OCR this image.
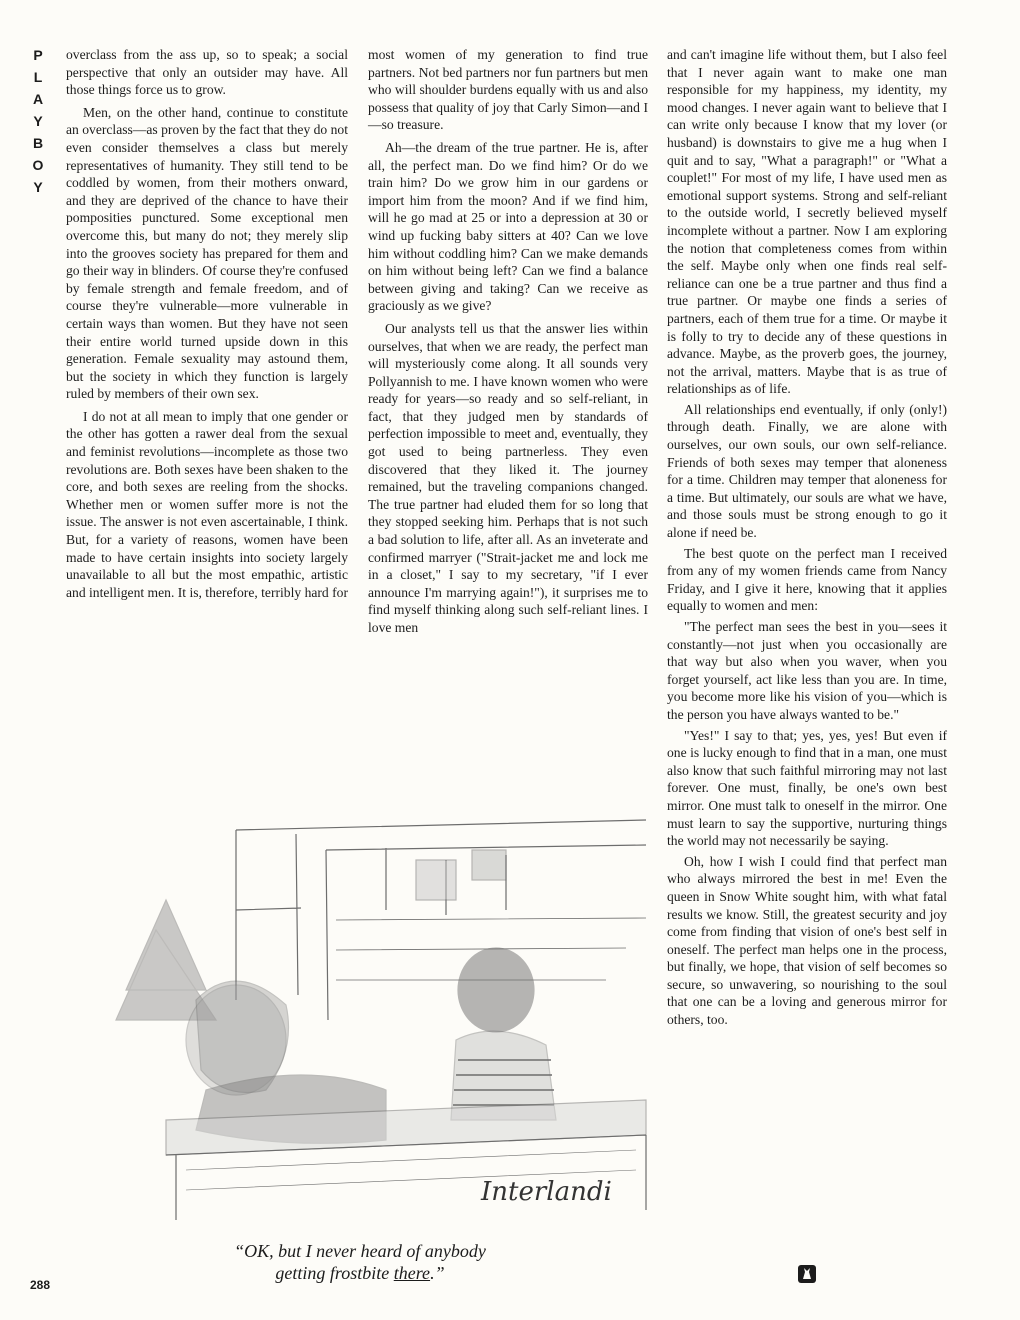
P
L
A
Y
B
O
Y

overclass from the ass up, so to speak; a social perspective that only an outsider may have. All those things force us to grow.

Men, on the other hand, continue to constitute an overclass—as proven by the fact that they do not even consider themselves a class but merely representatives of humanity. They still tend to be coddled by women, from their mothers onward, and they are deprived of the chance to have their pomposities punctured. Some exceptional men overcome this, but many do not; they merely slip into the grooves society has prepared for them and go their way in blinders. Of course they're confused by female strength and female freedom, and of course they're vulnerable—more vulnerable in certain ways than women. But they have not seen their entire world turned upside down in this generation. Female sexuality may astound them, but the society in which they function is largely ruled by members of their own sex.

I do not at all mean to imply that one gender or the other has gotten a rawer deal from the sexual and feminist revolutions—incomplete as those two revolutions are. Both sexes have been shaken to the core, and both sexes are reeling from the shocks. Whether men or women suffer more is not the issue. The answer is not even ascertainable, I think. But, for a variety of reasons, women have been made to have certain insights into society largely unavailable to all but the most empathic, artistic and intelligent men. It is, therefore, terribly hard for

most women of my generation to find true partners. Not bed partners nor fun partners but men who will shoulder burdens equally with us and also possess that quality of joy that Carly Simon—and I—so treasure.

Ah—the dream of the true partner. He is, after all, the perfect man. Do we find him? Or do we train him? Do we grow him in our gardens or import him from the moon? And if we find him, will he go mad at 25 or into a depression at 30 or wind up fucking baby sitters at 40? Can we love him without coddling him? Can we make demands on him without being left? Can we find a balance between giving and taking? Can we receive as graciously as we give?

Our analysts tell us that the answer lies within ourselves, that when we are ready, the perfect man will mysteriously come along. It all sounds very Pollyannish to me. I have known women who were ready for years—so ready and so self-reliant, in fact, that they judged men by standards of perfection impossible to meet and, eventually, they got used to being partnerless. They even discovered that they liked it. The journey remained, but the traveling companions changed. The true partner had eluded them for so long that they stopped seeking him. Perhaps that is not such a bad solution to life, after all. As an inveterate and confirmed marryer ("Strait-jacket me and lock me in a closet," I say to my secretary, "if I ever announce I'm marrying again!"), it surprises me to find myself thinking along such self-reliant lines. I love men

and can't imagine life without them, but I also feel that I never again want to make one man responsible for my happiness, my identity, my mood changes. I never again want to believe that I can write only because I know that my lover (or husband) is downstairs to give me a hug when I quit and to say, "What a paragraph!" or "What a couplet!" For most of my life, I have used men as emotional support systems. Strong and self-reliant to the outside world, I secretly believed myself incomplete without a partner. Now I am exploring the notion that completeness comes from within the self. Maybe only when one finds real self-reliance can one be a true partner and thus find a true partner. Or maybe one finds a series of partners, each of them true for a time. Or maybe it is folly to try to decide any of these questions in advance. Maybe, as the proverb goes, the journey, not the arrival, matters. Maybe that is as true of relationships as of life.

All relationships end eventually, if only (only!) through death. Finally, we are alone with ourselves, our own souls, our own self-reliance. Friends of both sexes may temper that aloneness for a time. Children may temper that aloneness for a time. But ultimately, our souls are what we have, and those souls must be strong enough to go it alone if need be.

The best quote on the perfect man I received from any of my women friends came from Nancy Friday, and I give it here, knowing that it applies equally to women and men:

"The perfect man sees the best in you—sees it constantly—not just when you occasionally are that way but also when you waver, when you forget yourself, act like less than you are. In time, you become more like his vision of you—which is the person you have always wanted to be."

"Yes!" I say to that; yes, yes, yes! But even if one is lucky enough to find that in a man, one must also know that such faithful mirroring may not last forever. One must, finally, be one's own best mirror. One must talk to oneself in the mirror. One must learn to say the supportive, nurturing things the world may not necessarily be saying.

Oh, how I wish I could find that perfect man who always mirrored the best in me! Even the queen in Snow White sought him, with what fatal results we know. Still, the greatest security and joy come from finding that vision of one's best self in oneself. The perfect man helps one in the process, but finally, we hope, that vision of self becomes so secure, so unwavering, so nourishing to the soul that one can be a loving and generous mirror for others, too.

Interlandi
“OK, but I never heard of anybody
getting frostbite there.”
288
